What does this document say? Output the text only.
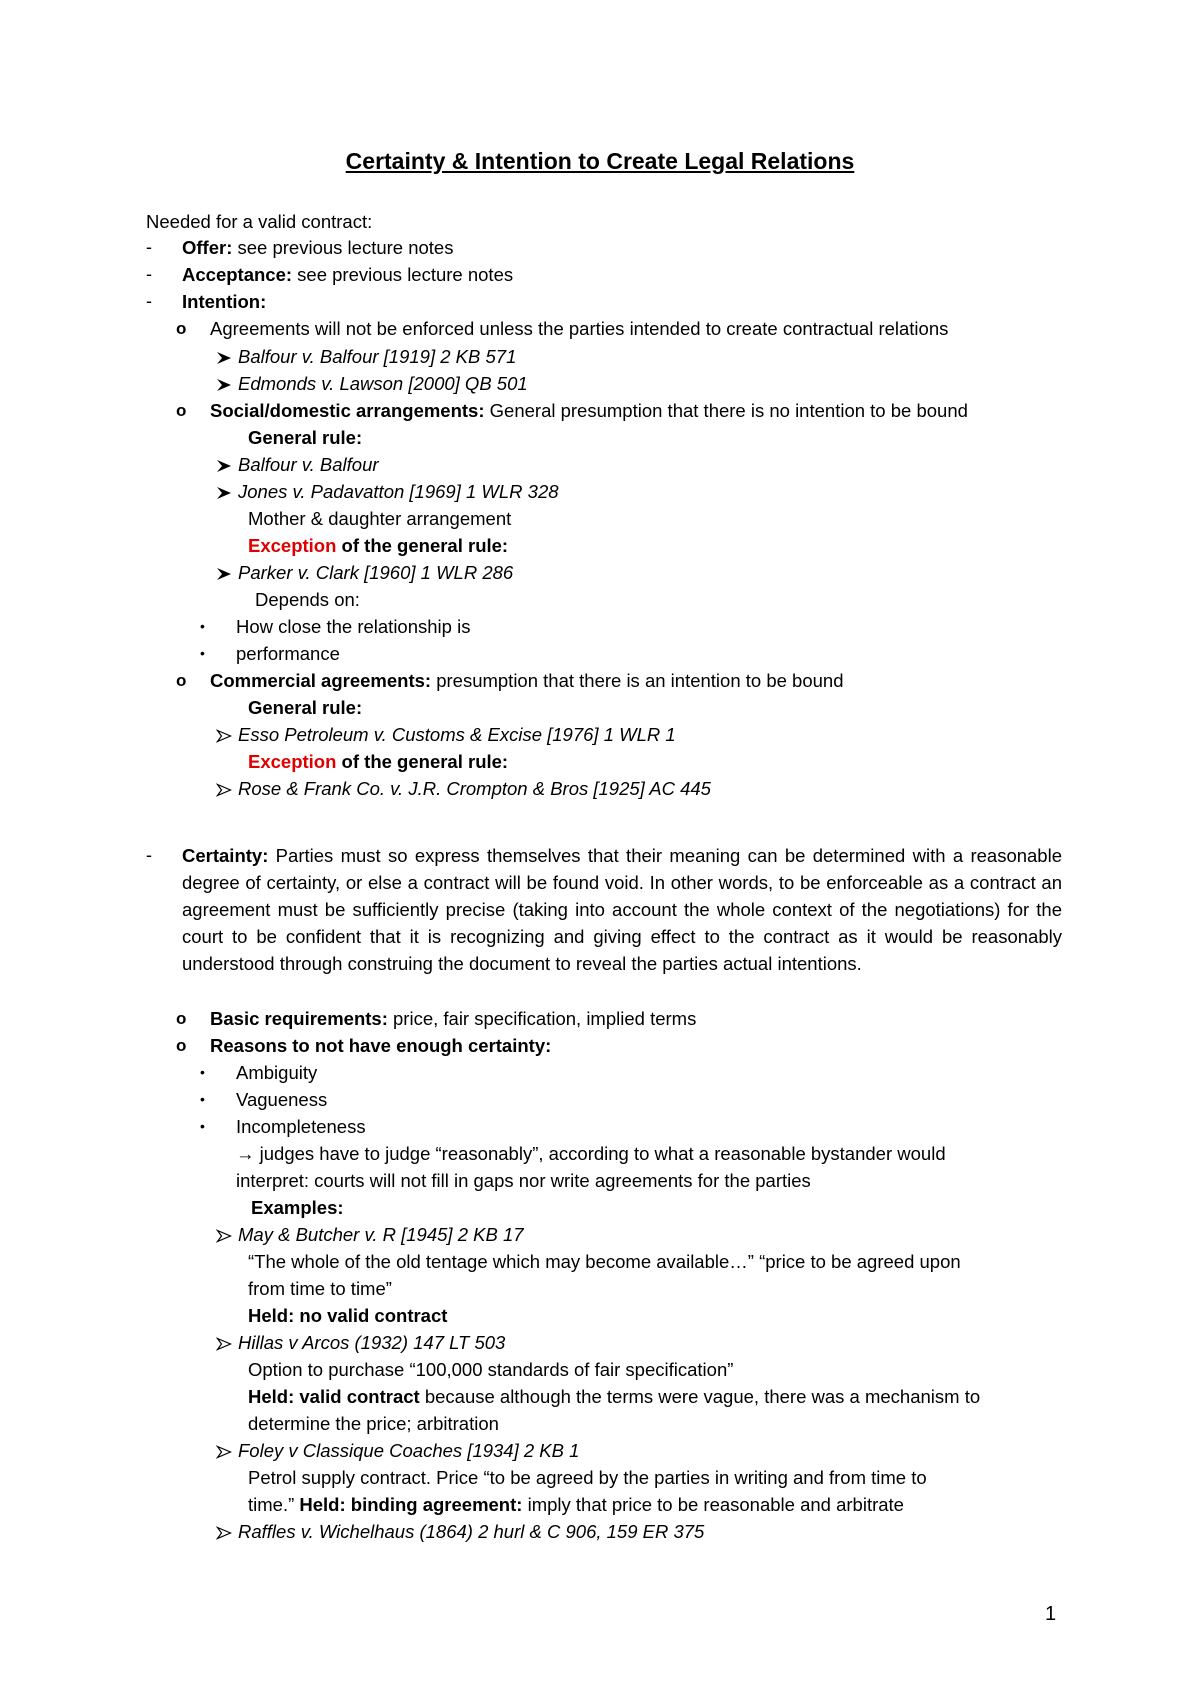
Certainty & Intention to Create Legal Relations
Needed for a valid contract:
- Offer: see previous lecture notes
- Acceptance: see previous lecture notes
- Intention:
o Agreements will not be enforced unless the parties intended to create contractual relations
Balfour v. Balfour [1919] 2 KB 571
Edmonds v. Lawson [2000] QB 501
o Social/domestic arrangements: General presumption that there is no intention to be bound
General rule:
Balfour v. Balfour
Jones v. Padavatton [1969] 1 WLR 328
Mother & daughter arrangement
Exception of the general rule:
Parker v. Clark [1960] 1 WLR 286
Depends on:
• How close the relationship is
• performance
o Commercial agreements: presumption that there is an intention to be bound
General rule:
Esso Petroleum v. Customs & Excise [1976] 1 WLR 1
Exception of the general rule:
Rose & Frank Co. v. J.R. Crompton & Bros [1925] AC 445
- Certainty: Parties must so express themselves that their meaning can be determined with a reasonable degree of certainty, or else a contract will be found void. In other words, to be enforceable as a contract an agreement must be sufficiently precise (taking into account the whole context of the negotiations) for the court to be confident that it is recognizing and giving effect to the contract as it would be reasonably understood through construing the document to reveal the parties actual intentions.
o Basic requirements: price, fair specification, implied terms
o Reasons to not have enough certainty:
• Ambiguity
• Vagueness
• Incompleteness
→ judges have to judge “reasonably”, according to what a reasonable bystander would
interpret: courts will not fill in gaps nor write agreements for the parties
Examples:
May & Butcher v. R [1945] 2 KB 17
“The whole of the old tentage which may become available…” “price to be agreed upon
from time to time”
Held: no valid contract
Hillas v Arcos (1932) 147 LT 503
Option to purchase “100,000 standards of fair specification”
Held: valid contract because although the terms were vague, there was a mechanism to
determine the price; arbitration
Foley v Classique Coaches [1934] 2 KB 1
Petrol supply contract. Price “to be agreed by the parties in writing and from time to
time.” Held: binding agreement: imply that price to be reasonable and arbitrate
Raffles v. Wichelhaus (1864) 2 hurl & C 906, 159 ER 375
1
